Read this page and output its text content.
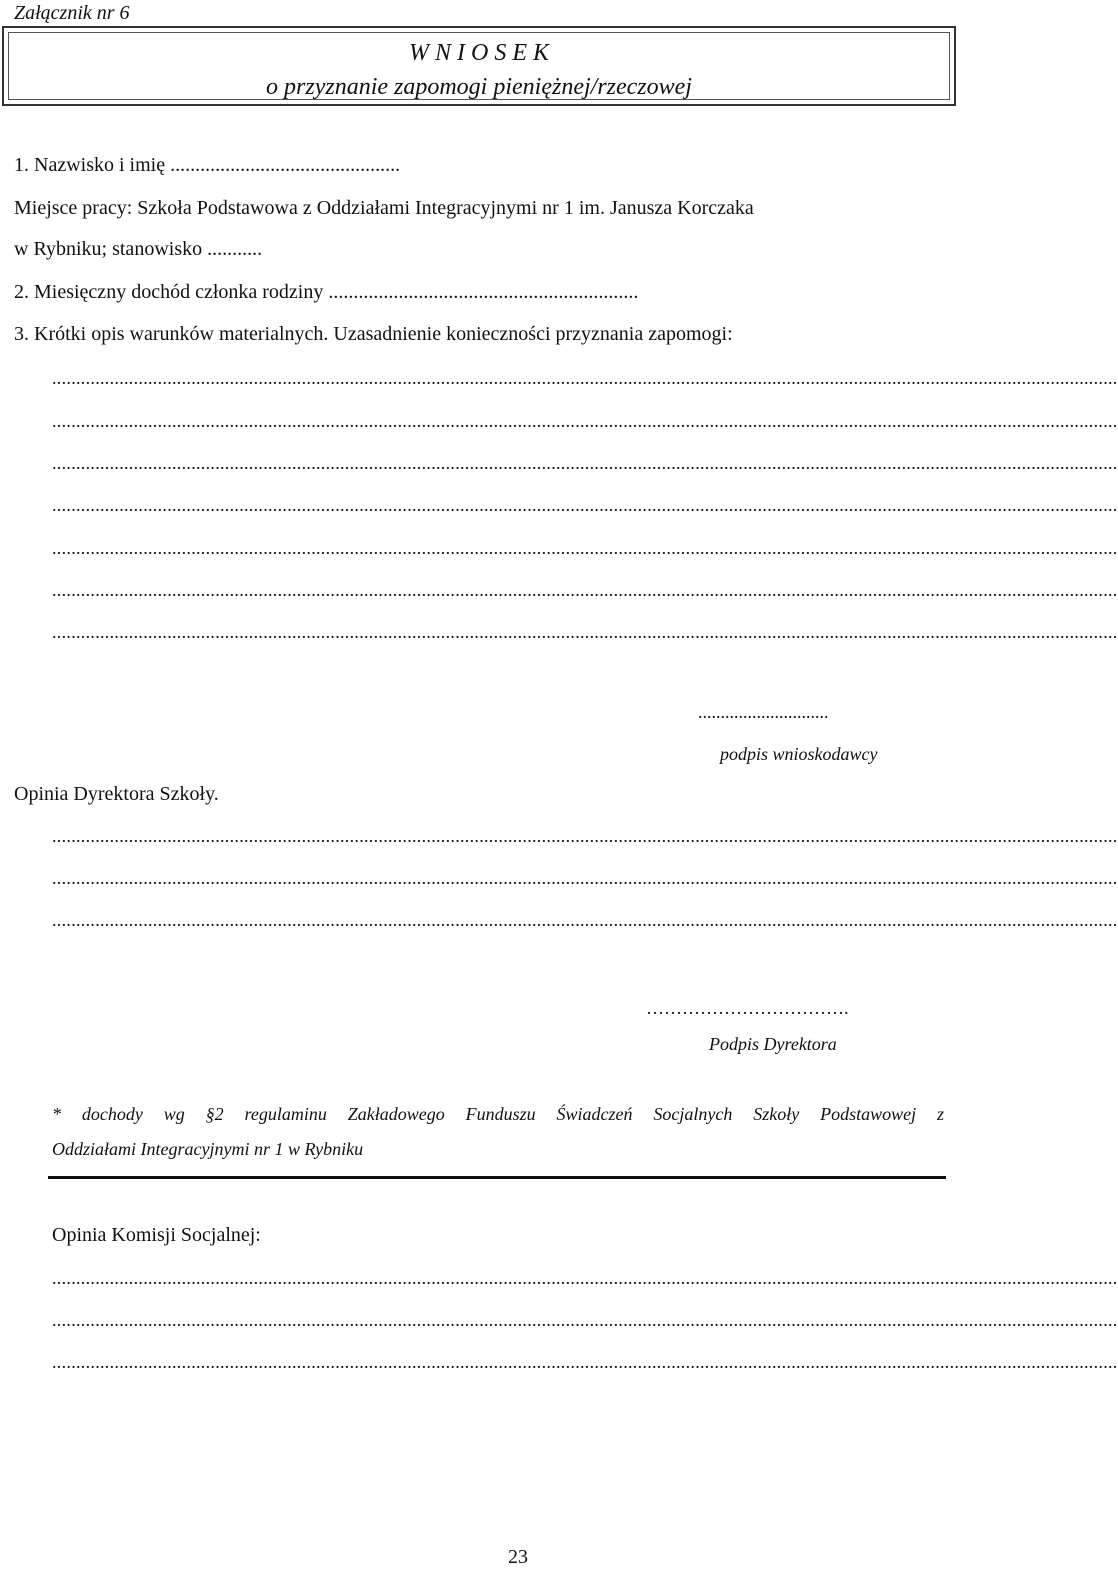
Załącznik nr 6
W N I O S E K
o przyznanie zapomogi pieniężnej/rzeczowej
1. Nazwisko i imię ..............................................
Miejsce pracy: Szkoła Podstawowa z Oddziałami Integracyjnymi nr 1 im. Janusza Korczaka
w Rybniku; stanowisko ...........
2. Miesięczny dochód członka rodziny ..............................................................
3. Krótki opis warunków materialnych. Uzasadnienie konieczności przyznania zapomogi:
..............................................................................................................................................................................................................................
..............................................................................................................................................................................................................................
..............................................................................................................................................................................................................................
..............................................................................................................................................................................................................................
..............................................................................................................................................................................................................................
..............................................................................................................................................................................................................................
..............................................................................................................................................................................................................................
.............................
podpis wnioskodawcy
Opinia Dyrektora Szkoły.
..............................................................................................................................................................................................................................
..............................................................................................................................................................................................................................
..............................................................................................................................................................................................................................
…………………………….
Podpis Dyrektora
* dochody wg §2 regulaminu Zakładowego Funduszu Świadczeń Socjalnych Szkoły Podstawowej z
Oddziałami Integracyjnymi nr 1 w Rybniku
Opinia Komisji Socjalnej:
..............................................................................................................................................................................................................................
..............................................................................................................................................................................................................................
..............................................................................................................................................................................................................................
23
